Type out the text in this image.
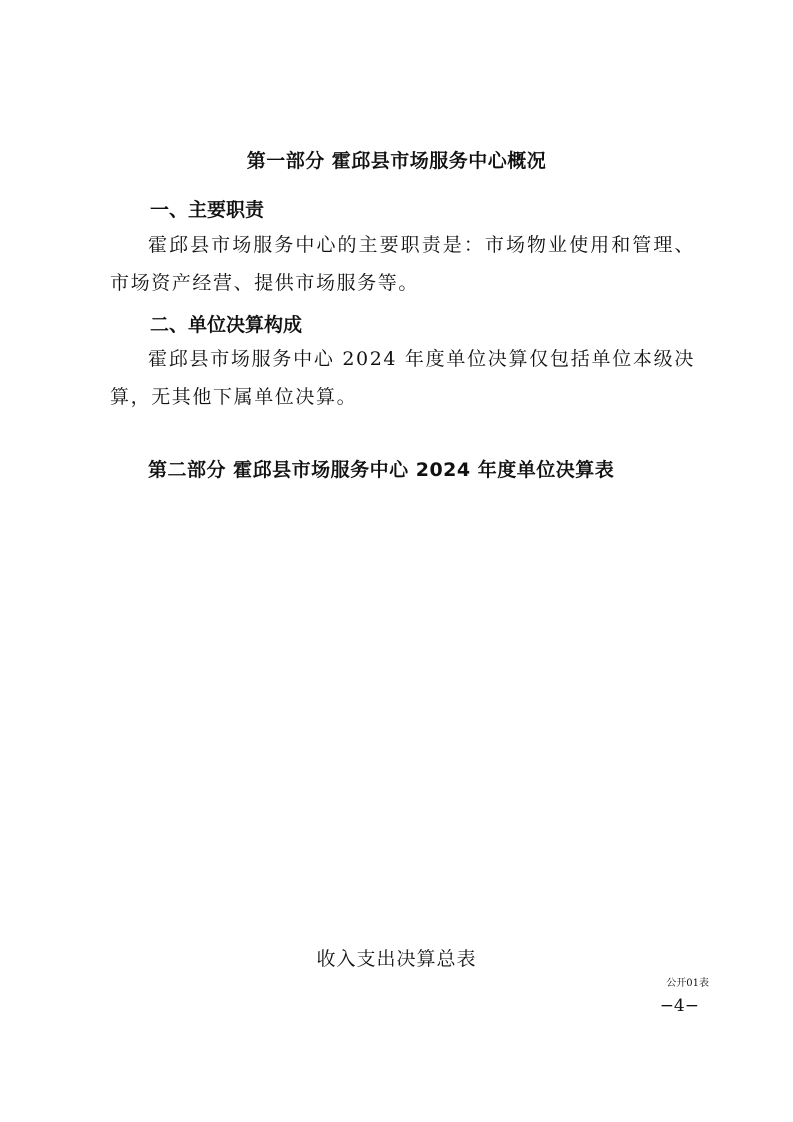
第一部分 霍邱县市场服务中心概况
一、主要职责
霍邱县市场服务中心的主要职责是：市场物业使用和管理、市场资产经营、提供市场服务等。
二、单位决算构成
霍邱县市场服务中心 2024 年度单位决算仅包括单位本级决算，无其他下属单位决算。
第二部分 霍邱县市场服务中心 2024 年度单位决算表
收入支出决算总表
公开01表
−4−
